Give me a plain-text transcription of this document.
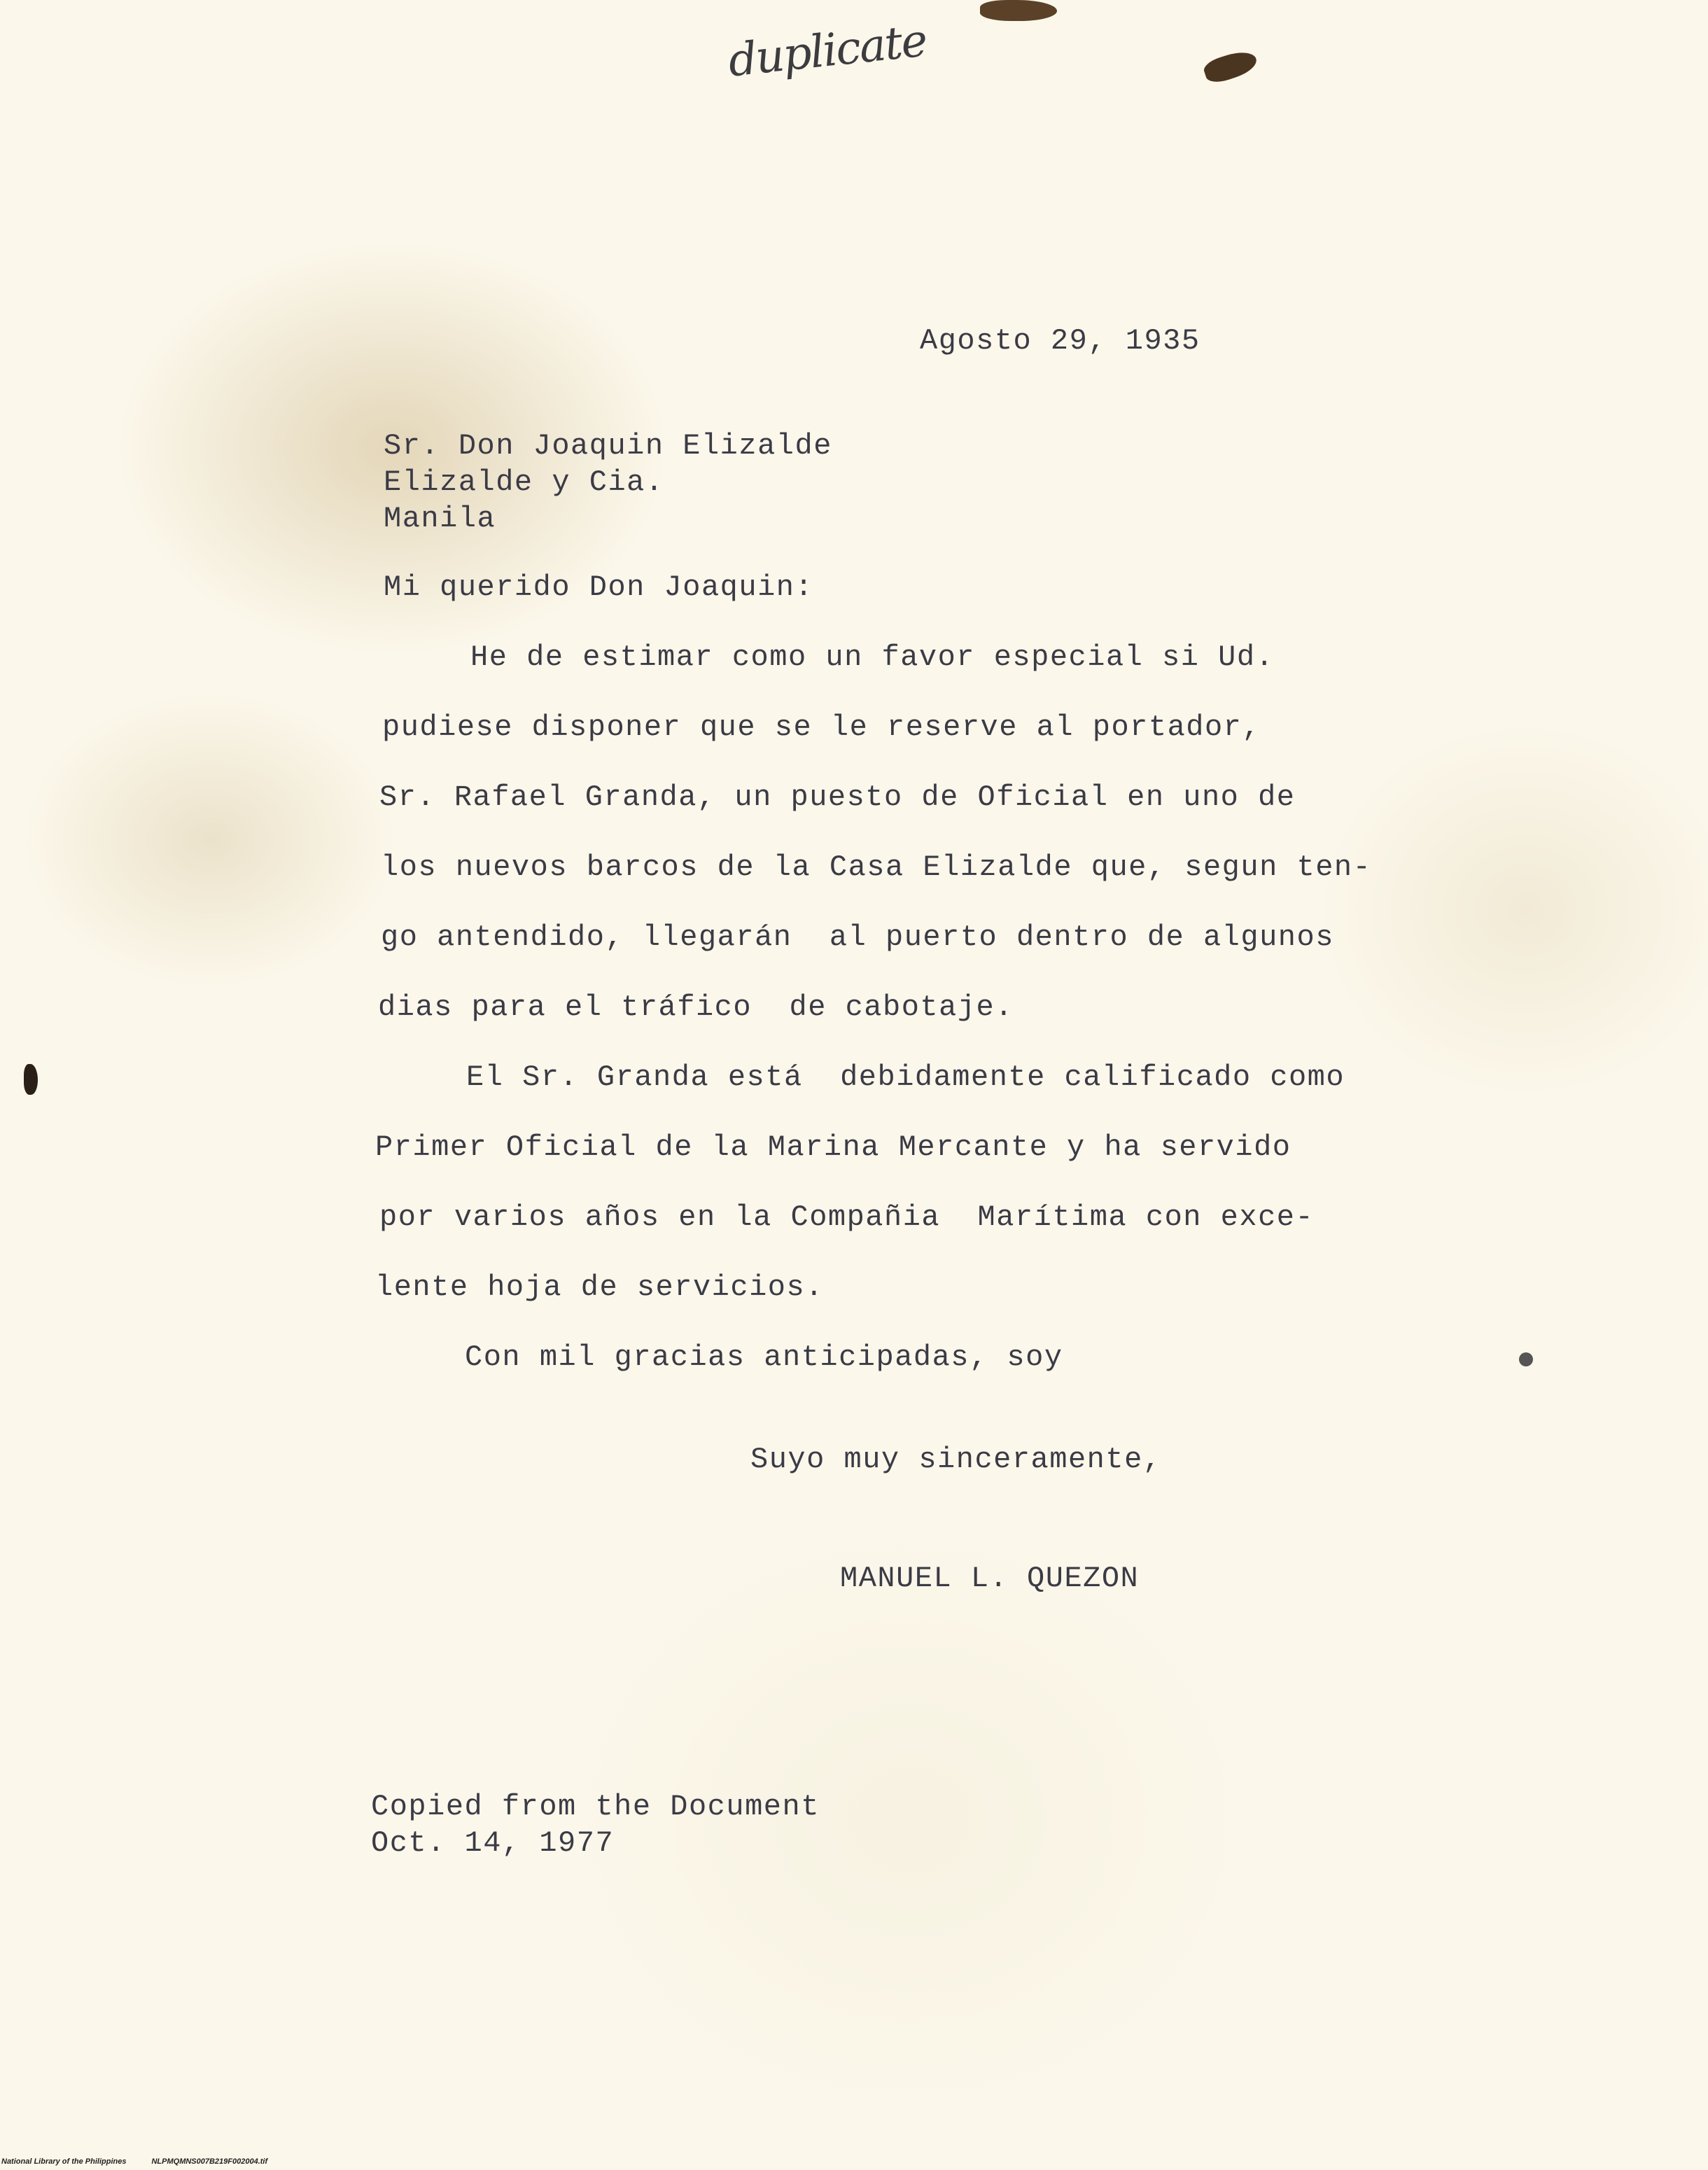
duplicate
Agosto 29, 1935
Sr. Don Joaquin Elizalde
Elizalde y Cia.
Manila
Mi querido Don Joaquin:
He de estimar como un favor especial si Ud.
pudiese disponer que se le reserve al portador,
Sr. Rafael Granda, un puesto de Oficial en uno de
los nuevos barcos de la Casa Elizalde que, segun ten-
go antendido, llegarán  al puerto dentro de algunos
dias para el tráfico  de cabotaje.
El Sr. Granda está  debidamente calificado como
Primer Oficial de la Marina Mercante y ha servido
por varios años en la Compañia  Marítima con exce-
lente hoja de servicios.
Con mil gracias anticipadas, soy
Suyo muy sinceramente,
MANUEL L. QUEZON
Copied from the Document
Oct. 14, 1977
National Library of the Philippines	NLPMQMNS007B219F002004.tif
